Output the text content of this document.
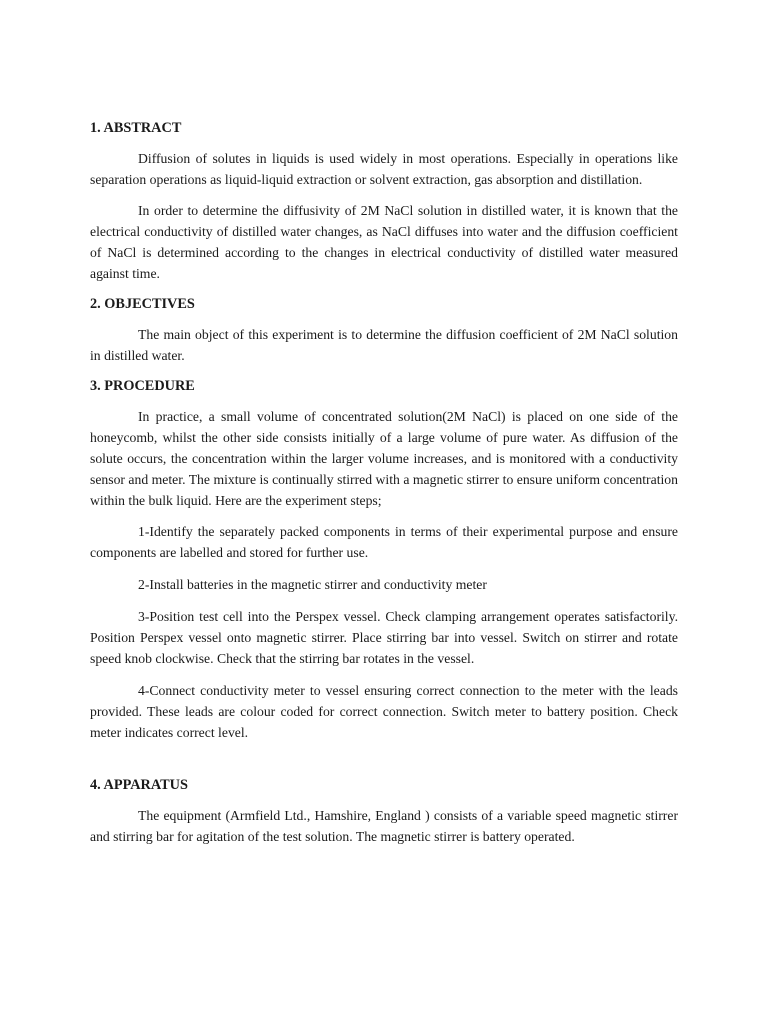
1. ABSTRACT

Diffusion of solutes in liquids is used widely in most operations. Especially in operations like separation operations as liquid-liquid extraction or solvent extraction, gas absorption and distillation.

In order to determine the diffusivity of 2M NaCl solution in distilled water, it is known that the electrical conductivity of distilled water changes, as NaCl diffuses into water and the diffusion coefficient of NaCl is determined according to the changes in electrical conductivity of distilled water measured against time.

2. OBJECTIVES

The main object of this experiment is to determine the diffusion coefficient of 2M NaCl solution in distilled water.

3. PROCEDURE

In practice, a small volume of concentrated solution(2M NaCl) is placed on one side of the honeycomb, whilst the other side consists initially of a large volume of pure water. As diffusion of the solute occurs, the concentration within the larger volume increases, and is monitored with a conductivity sensor and meter. The mixture is continually stirred with a magnetic stirrer to ensure uniform concentration within the bulk liquid. Here are the experiment steps;

1-Identify the separately packed components in terms of their experimental purpose and ensure components are labelled and stored for further use.

2-Install batteries in the magnetic stirrer and conductivity meter

3-Position test cell into the Perspex vessel. Check clamping arrangement operates satisfactorily. Position Perspex vessel onto magnetic stirrer. Place stirring bar into vessel. Switch on stirrer and rotate speed knob clockwise. Check that the stirring bar rotates in the vessel.

4-Connect conductivity meter to vessel ensuring correct connection to the meter with the leads provided. These leads are colour coded for correct connection. Switch meter to battery position. Check meter indicates correct level.

4. APPARATUS

The equipment (Armfield Ltd., Hamshire, England ) consists of a variable speed magnetic stirrer and stirring bar for agitation of the test solution. The magnetic stirrer is battery operated.
